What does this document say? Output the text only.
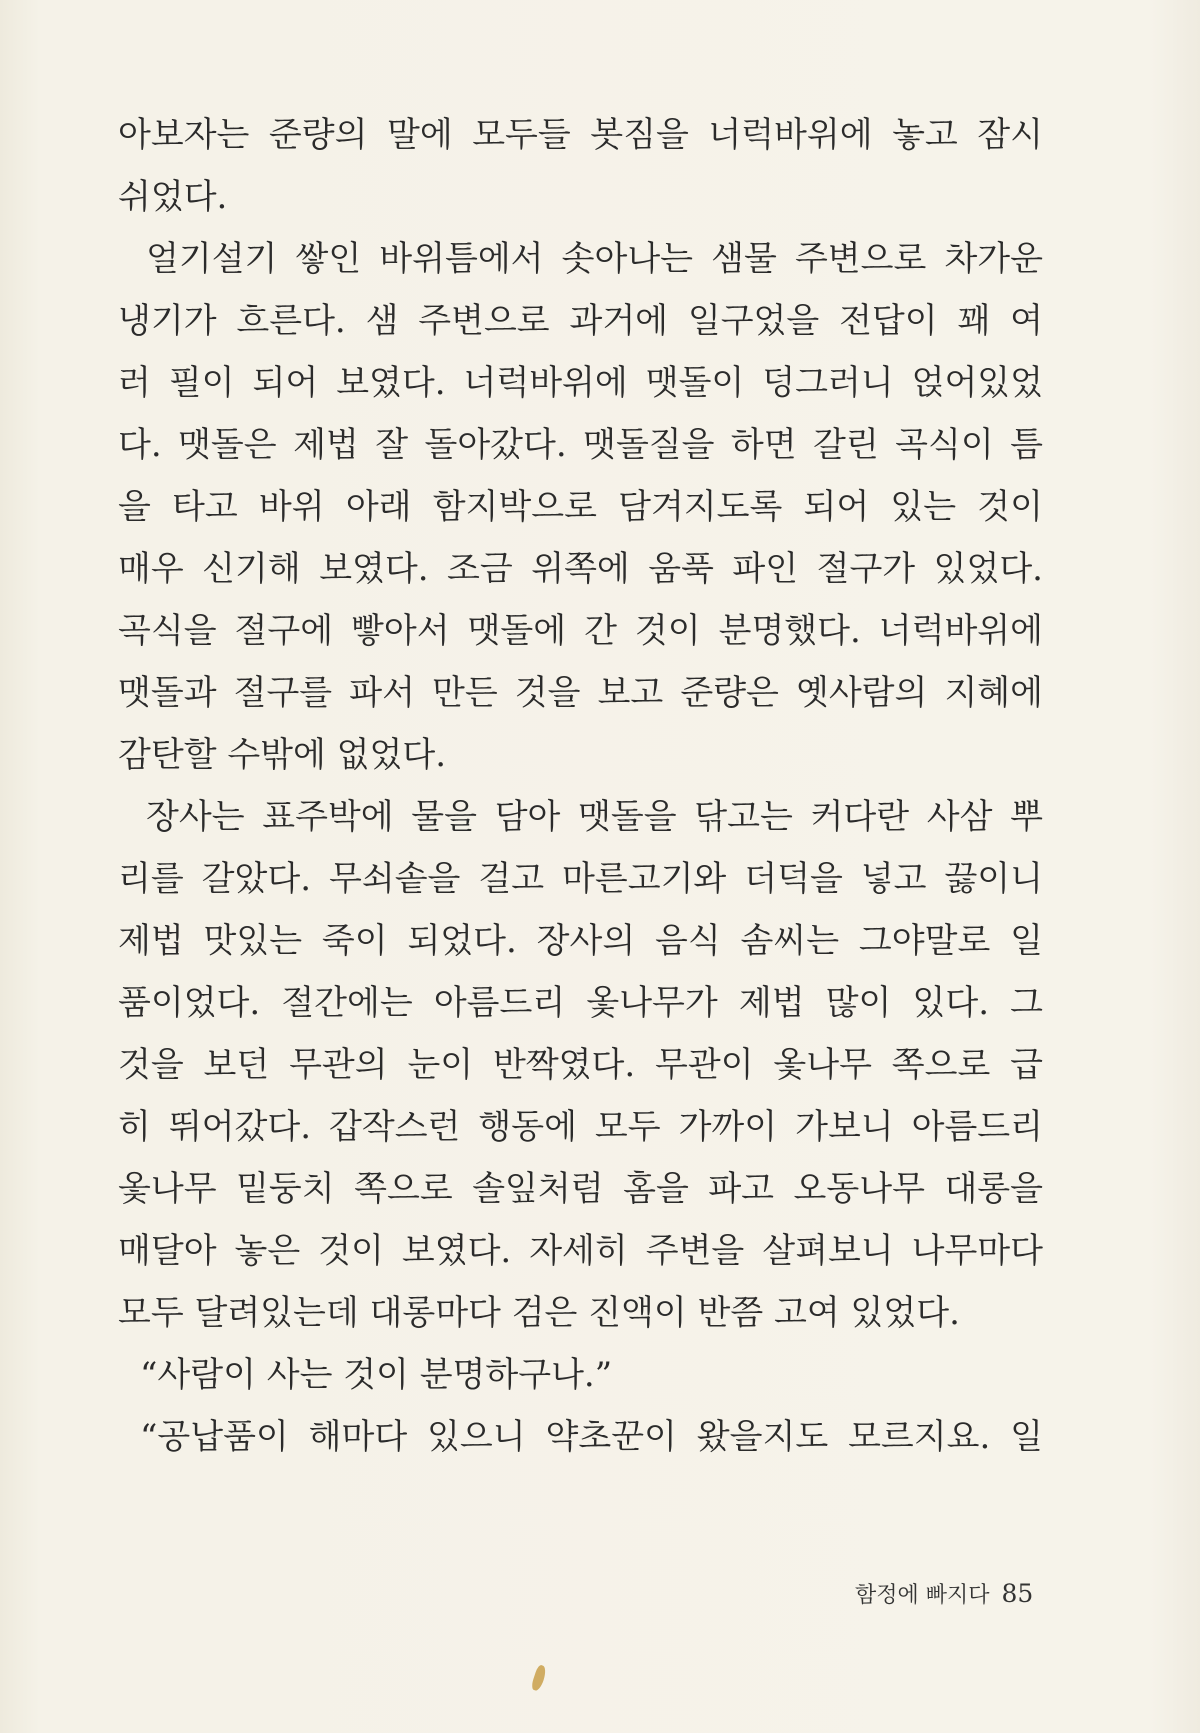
아보자는 준량의 말에 모두들 봇짐을 너럭바위에 놓고 잠시
쉬었다.
얼기설기 쌓인 바위틈에서 솟아나는 샘물 주변으로 차가운
냉기가 흐른다. 샘 주변으로 과거에 일구었을 전답이 꽤 여
러 필이 되어 보였다. 너럭바위에 맷돌이 덩그러니 얹어있었
다. 맷돌은 제법 잘 돌아갔다. 맷돌질을 하면 갈린 곡식이 틈
을 타고 바위 아래 함지박으로 담겨지도록 되어 있는 것이
매우 신기해 보였다. 조금 위쪽에 움푹 파인 절구가 있었다.
곡식을 절구에 빻아서 맷돌에 간 것이 분명했다. 너럭바위에
맷돌과 절구를 파서 만든 것을 보고 준량은 옛사람의 지혜에
감탄할 수밖에 없었다.
장사는 표주박에 물을 담아 맷돌을 닦고는 커다란 사삼 뿌
리를 갈았다. 무쇠솥을 걸고 마른고기와 더덕을 넣고 끓이니
제법 맛있는 죽이 되었다. 장사의 음식 솜씨는 그야말로 일
품이었다. 절간에는 아름드리 옻나무가 제법 많이 있다. 그
것을 보던 무관의 눈이 반짝였다. 무관이 옻나무 쪽으로 급
히 뛰어갔다. 갑작스런 행동에 모두 가까이 가보니 아름드리
옻나무 밑둥치 쪽으로 솔잎처럼 홈을 파고 오동나무 대롱을
매달아 놓은 것이 보였다. 자세히 주변을 살펴보니 나무마다
모두 달려있는데 대롱마다 검은 진액이 반쯤 고여 있었다.
“사람이 사는 것이 분명하구나.”
“공납품이 해마다 있으니 약초꾼이 왔을지도 모르지요. 일
함정에 빠지다 85
